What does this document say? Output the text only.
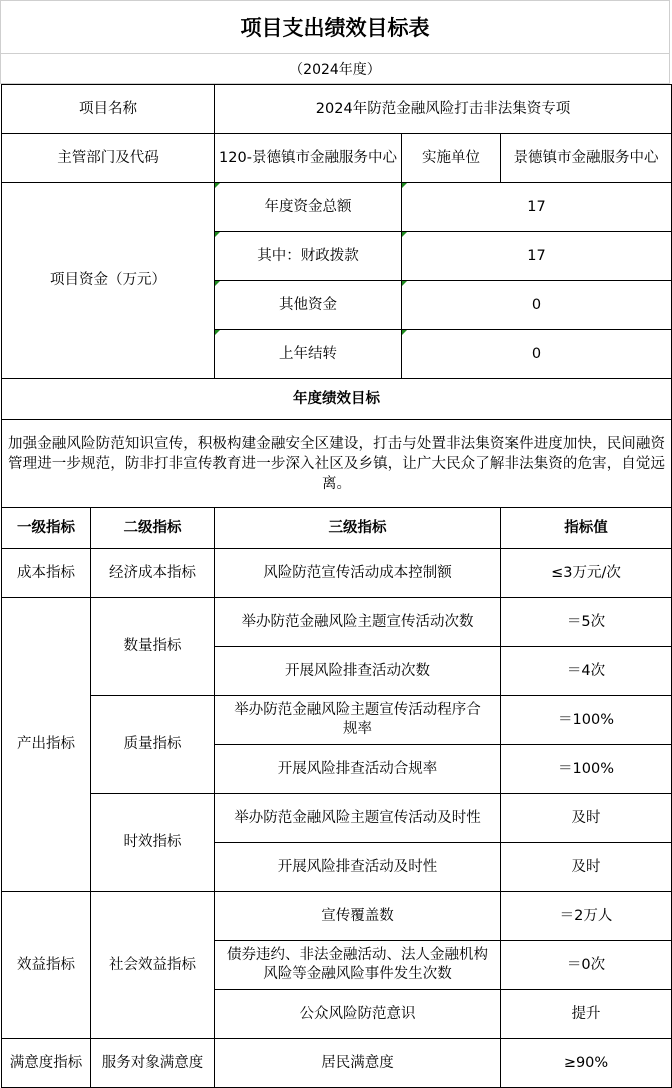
项目支出绩效目标表
（2024年度）
项目名称		2024年防范金融风险打击非法集资专项		
主管部门及代码		120-景德镇市金融服务中心	实施单位	景德镇市金融服务中心
项目资金（万元）		年度资金总额	17	
		其中：财政拨款	17	
		其他资金	0	
		上年结转	0	
年度绩效目标				
加强金融风险防范知识宣传，积极构建金融安全区建设，打击与处置非法集资案件进度加快，民间融资管理进一步规范，防非打非宣传教育进一步深入社区及乡镇，让广大民众了解非法集资的危害，自觉远离。				
一级指标	二级指标	三级指标		指标值
成本指标	经济成本指标	风险防范宣传活动成本控制额		≤3万元/次
产出指标	数量指标	举办防范金融风险主题宣传活动次数		＝5次
		开展风险排查活动次数		＝4次
	质量指标	举办防范金融风险主题宣传活动程序合规率		＝100%
		开展风险排查活动合规率		＝100%
	时效指标	举办防范金融风险主题宣传活动及时性		及时
		开展风险排查活动及时性		及时
效益指标	社会效益指标	宣传覆盖数		＝2万人
		债券违约、非法金融活动、法人金融机构风险等金融风险事件发生次数		＝0次
		公众风险防范意识		提升
满意度指标	服务对象满意度	居民满意度		≥90%
